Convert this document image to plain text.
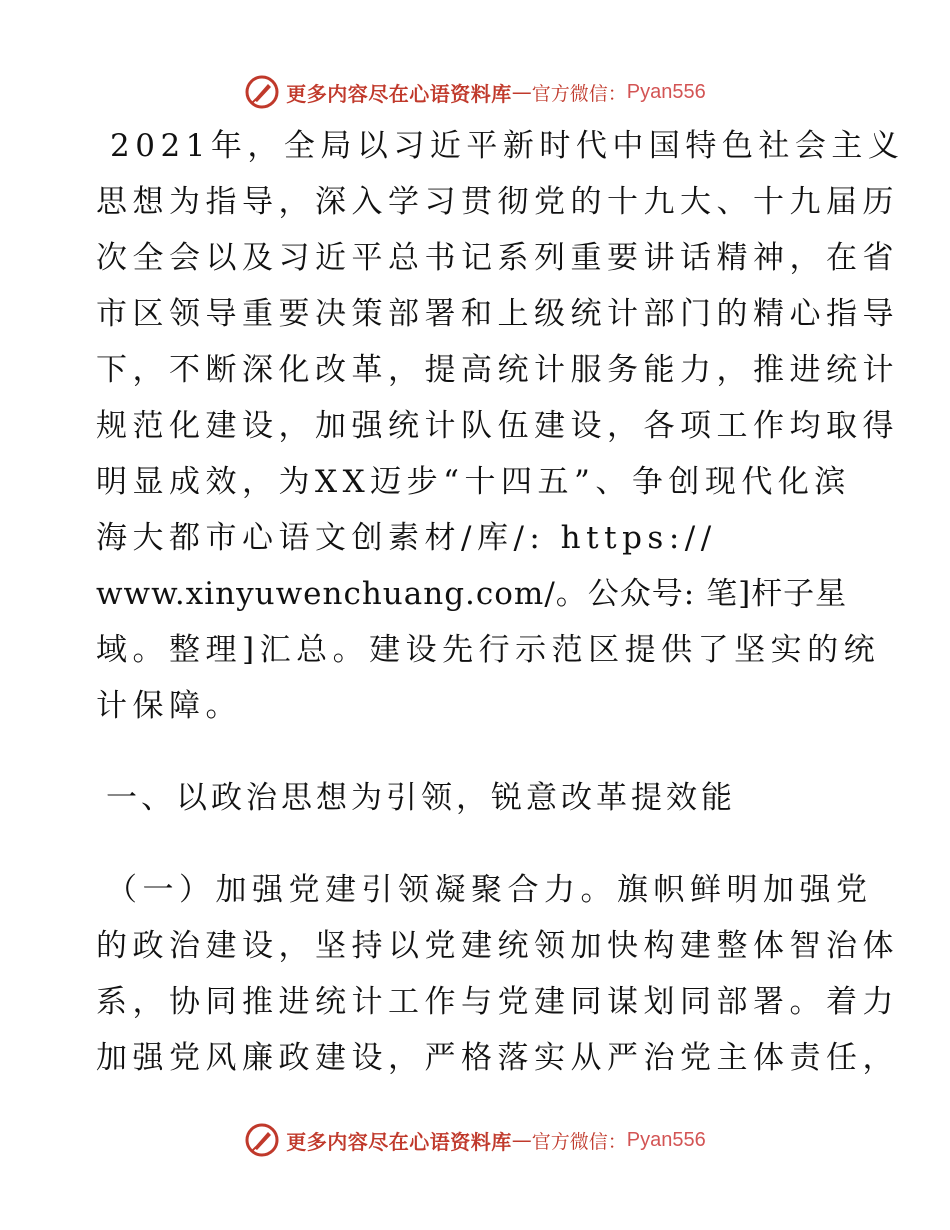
更多内容尽在心语资料库 — 官方微信： Pyan556
2021年，全局以习近平新时代中国特色社会主义
思想为指导，深入学习贯彻党的十九大、十九届历
次全会以及习近平总书记系列重要讲话精神，在省
市区领导重要决策部署和上级统计部门的精心指导
下，不断深化改革，提高统计服务能力，推进统计
规范化建设，加强统计队伍建设，各项工作均取得
明显成效，为XX迈步“十四五”、争创现代化滨
海大都市心语文创素材/库/: https://
www.xinyuwenchuang.com/。公众号: 笔]杆子星
域。整理]汇总。建设先行示范区提供了坚实的统
计保障。
一、以政治思想为引领，锐意改革提效能
（一）加强党建引领凝聚合力。旗帜鲜明加强党
的政治建设，坚持以党建统领加快构建整体智治体
系，协同推进统计工作与党建同谋划同部署。着力
加强党风廉政建设，严格落实从严治党主体责任，
更多内容尽在心语资料库 — 官方微信： Pyan556
